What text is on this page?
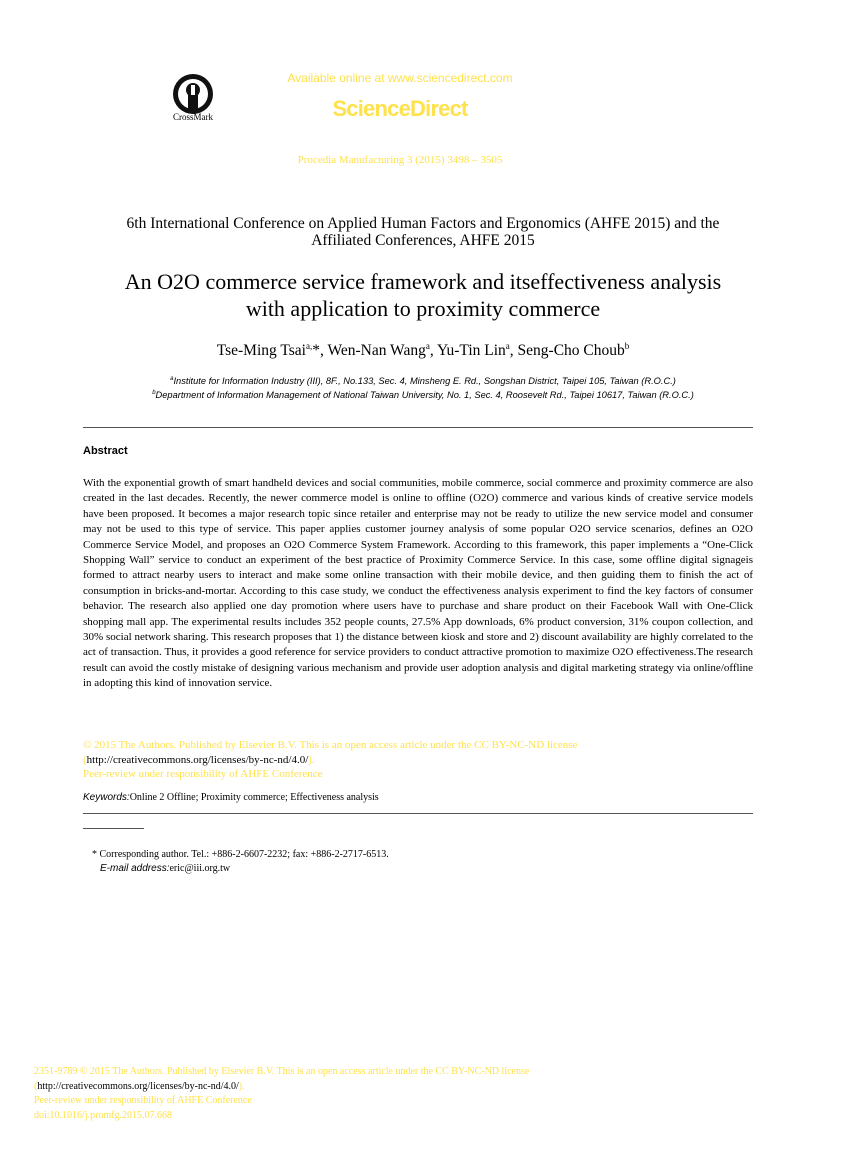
CrossMark
Available online at www.sciencedirect.com
ScienceDirect
Procedia Manufacturing 3 (2015) 3498 – 3505
6th International Conference on Applied Human Factors and Ergonomics (AHFE 2015) and the
Affiliated Conferences, AHFE 2015
An O2O commerce service framework and itseffectiveness analysis
with application to proximity commerce
Tse-Ming Tsai$^{a,}$*, Wen-Nan Wang$^a$, Yu-Tin Lin$^a$, Seng-Cho Choub$^b$
$^a$Institute for Information Industry (III), 8F., No.133, Sec. 4, Minsheng E. Rd., Songshan District, Taipei 105, Taiwan (R.O.C.)
$^b$Department of Information Management of National Taiwan University, No. 1, Sec. 4, Roosevelt Rd., Taipei 10617, Taiwan (R.O.C.)
Abstract
With the exponential growth of smart handheld devices and social communities, mobile commerce, social commerce and proximity commerce are also created in the last decades. Recently, the newer commerce model is online to offline (O2O) commerce and various kinds of creative service models have been proposed. It becomes a major research topic since retailer and enterprise may not be ready to utilize the new service model and consumer may not be used to this type of service. This paper applies customer journey analysis of some popular O2O service scenarios, defines an O2O Commerce Service Model, and proposes an O2O Commerce System Framework. According to this framework, this paper implements a “One-Click Shopping Wall” service to conduct an experiment of the best practice of Proximity Commerce Service. In this case, some offline digital signageis formed to attract nearby users to interact and make some online transaction with their mobile device, and then guiding them to finish the act of consumption in bricks-and-mortar. According to this case study, we conduct the effectiveness analysis experiment to find the key factors of consumer behavior. The research also applied one day promotion where users have to purchase and share product on their Facebook Wall with One-Click shopping mall app. The experimental results includes 352 people counts, 27.5% App downloads, 6% product conversion, 31% coupon collection, and 30% social network sharing. This research proposes that 1) the distance between kiosk and store and 2) discount availability are highly correlated to the act of transaction. Thus, it provides a good reference for service providers to conduct attractive promotion to maximize O2O effectiveness.The research result can avoid the costly mistake of designing various mechanism and provide user adoption analysis and digital marketing strategy via online/offline in adopting this kind of innovation service.
© 2015 The Authors. Published by Elsevier B.V. This is an open access article under the CC BY-NC-ND license
(http://creativecommons.org/licenses/by-nc-nd/4.0/).
Peer-review under responsibility of AHFE Conference
Keywords:Online 2 Offline; Proximity commerce; Effectiveness analysis
* Corresponding author. Tel.: +886-2-6607-2232; fax: +886-2-2717-6513.
E-mail address:eric@iii.org.tw
2351-9789 © 2015 The Authors. Published by Elsevier B.V. This is an open access article under the CC BY-NC-ND license
(http://creativecommons.org/licenses/by-nc-nd/4.0/).
Peer-review under responsibility of AHFE Conference
doi:10.1016/j.promfg.2015.07.668
